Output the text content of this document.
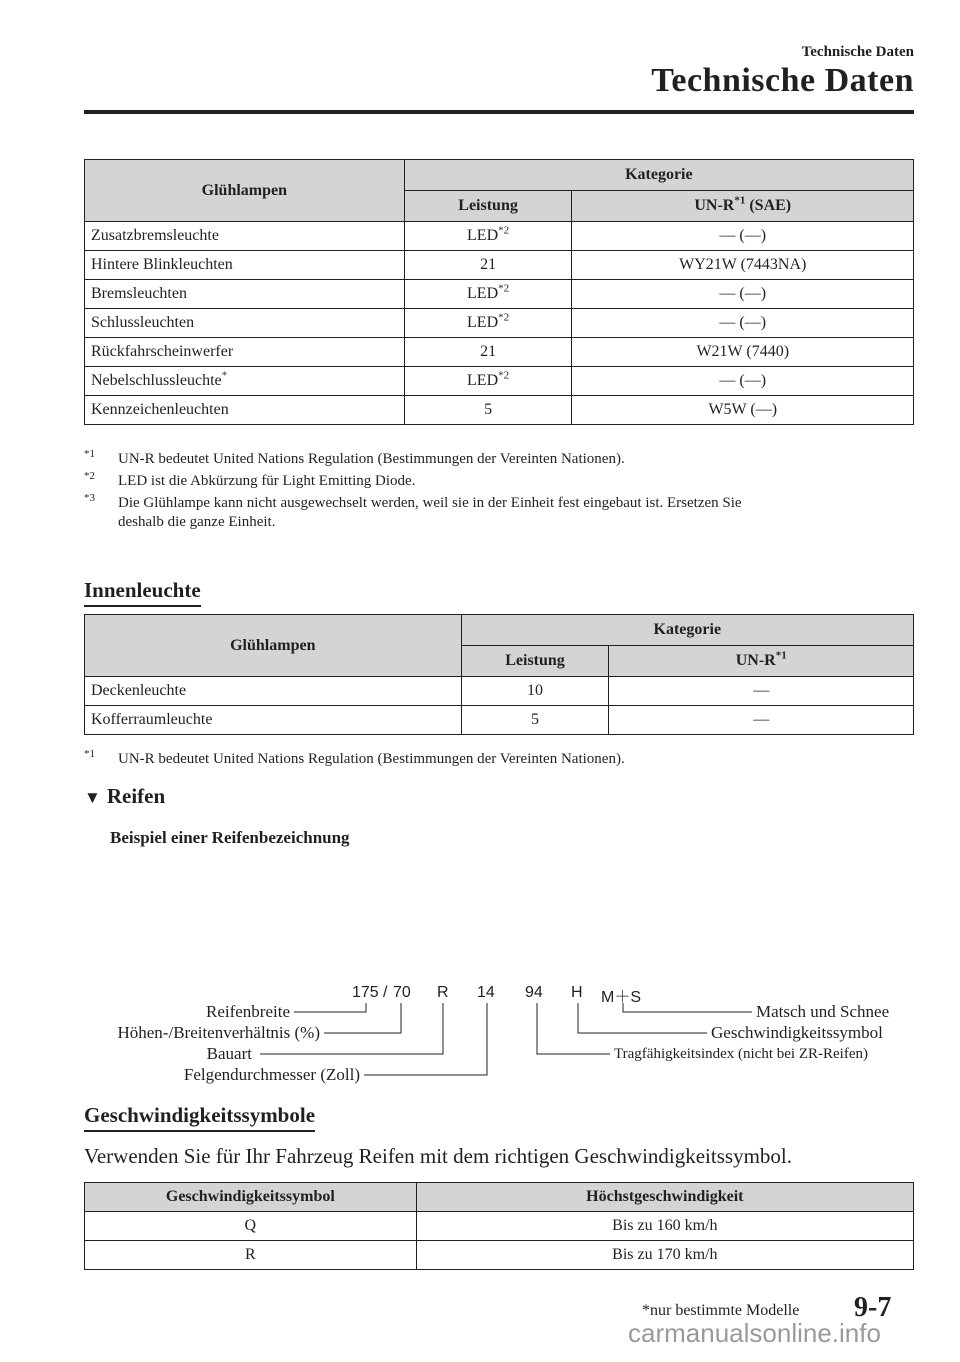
Technische Daten
Technische Daten
Glühlampen	Kategorie	
	Leistung	$UN-R^{*1}$ (SAE)
Zusatzbremsleuchte	LED$^{*2}$	— (—)
Hintere Blinkleuchten	21	WY21W (7443NA)
Bremsleuchten	LED$^{*2}$	— (—)
Schlussleuchten	LED$^{*2}$	— (—)
Rückfahrscheinwerfer	21	W21W (7440)
Nebelschlussleuchte*	LED$^{*2}$	— (—)
Kennzeichenleuchten	5	W5W (―)
$^{*1}$ UN-R bedeutet United Nations Regulation (Bestimmungen der Vereinten Nationen).
$^{*2}$ LED ist die Abkürzung für Light Emitting Diode.
$^{*3}$ Die Glühlampe kann nicht ausgewechselt werden, weil sie in der Einheit fest eingebaut ist. Ersetzen Sie
deshalb die ganze Einheit.
Innenleuchte
Glühlampen	Kategorie	
	Leistung	$UN-R^{*1}$
Deckenleuchte	10	―
Kofferraumleuchte	5	―
$^{*1}$ UN-R bedeutet United Nations Regulation (Bestimmungen der Vereinten Nationen).
▼ Reifen
Beispiel einer Reifenbezeichnung
175 / 70 R 14 94 H M＋S
Reifenbreite
Höhen-/Breitenverhältnis (%)
Bauart
Felgendurchmesser (Zoll)
Matsch und Schnee
Geschwindigkeitssymbol
Tragfähigkeitsindex (nicht bei ZR-Reifen)
Geschwindigkeitssymbole
Verwenden Sie für Ihr Fahrzeug Reifen mit dem richtigen Geschwindigkeitssymbol.
Geschwindigkeitssymbol	Höchstgeschwindigkeit
Q	Bis zu 160 km/h
R	Bis zu 170 km/h
*nur bestimmte Modelle 9-7
carmanualsonline.info
